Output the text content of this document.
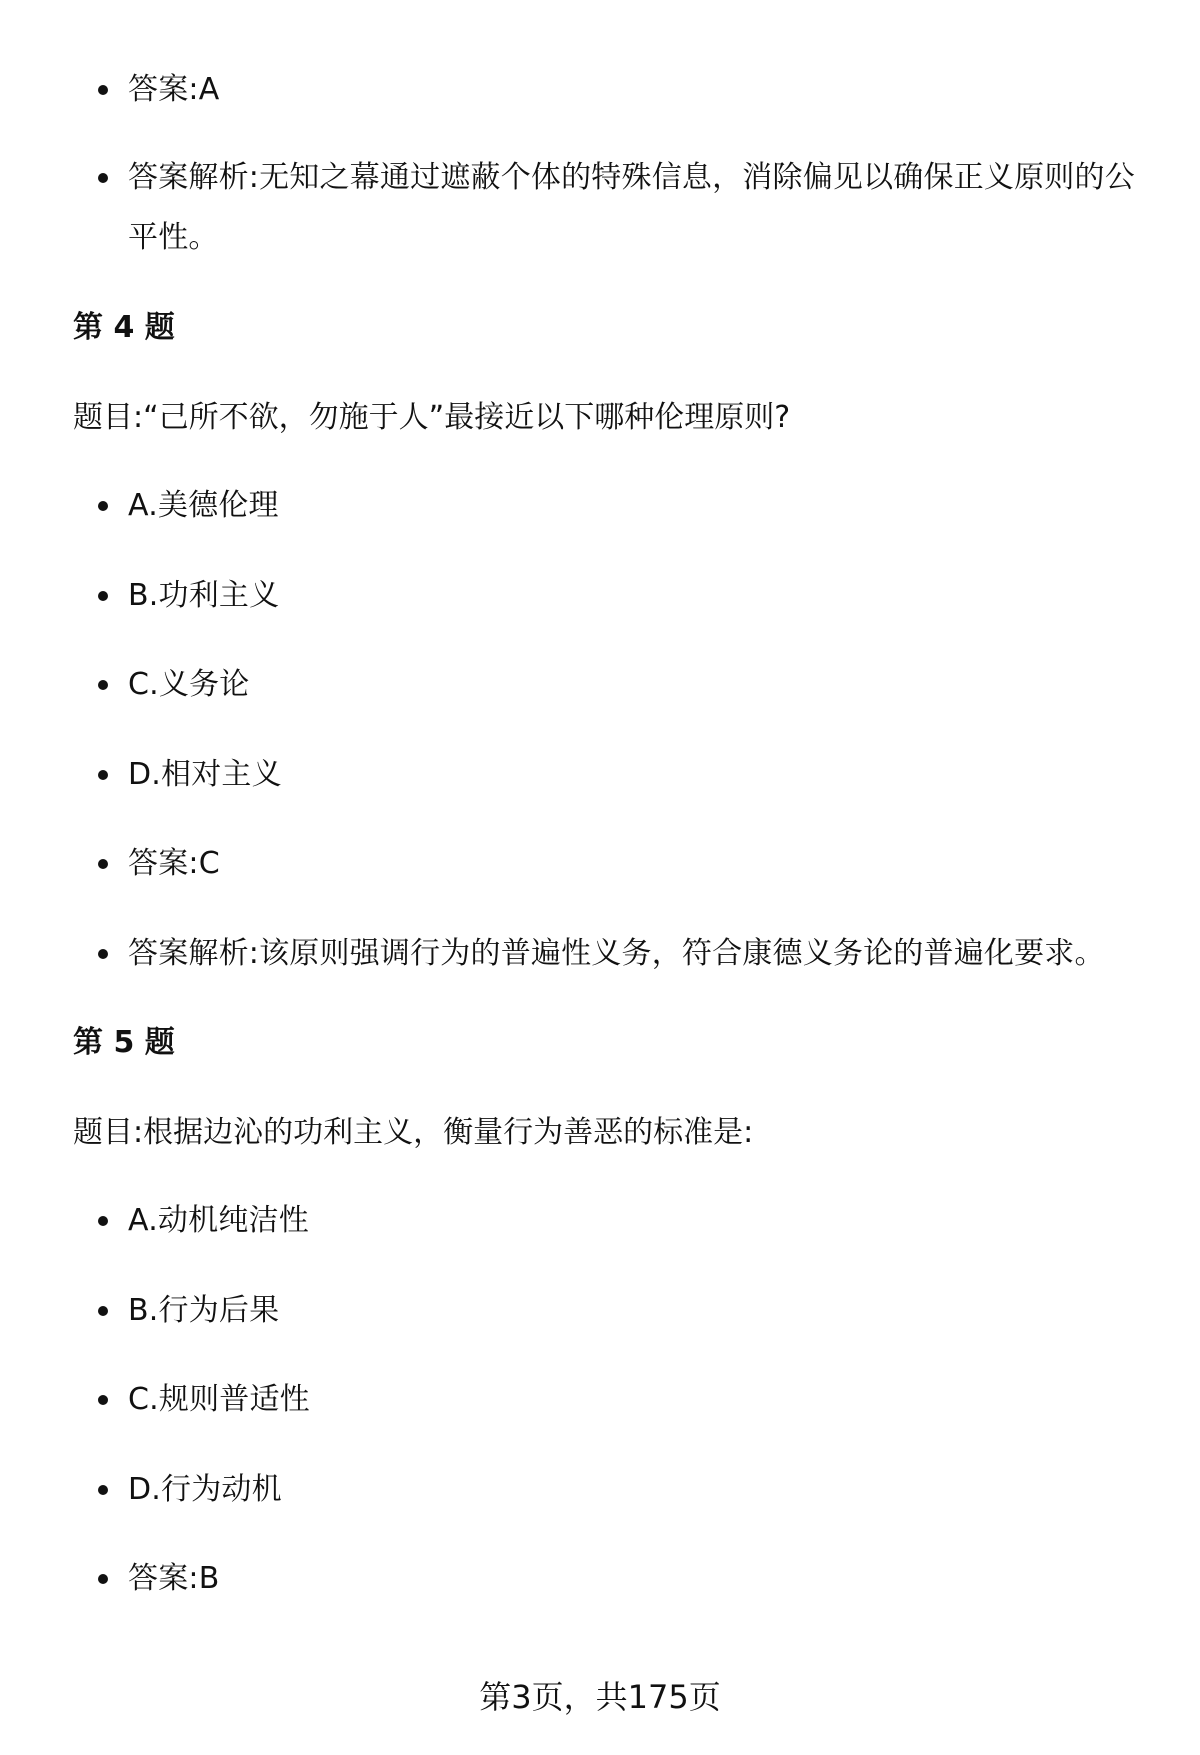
答案:A
答案解析:无知之幕通过遮蔽个体的特殊信息，消除偏见以确保正义原则的公平性。
第 4 题
题目:“己所不欲，勿施于人”最接近以下哪种伦理原则?
A.美德伦理
B.功利主义
C.义务论
D.相对主义
答案:C
答案解析:该原则强调行为的普遍性义务，符合康德义务论的普遍化要求。
第 5 题
题目:根据边沁的功利主义，衡量行为善恶的标准是:
A.动机纯洁性
B.行为后果
C.规则普适性
D.行为动机
答案:B
第3页，共175页
